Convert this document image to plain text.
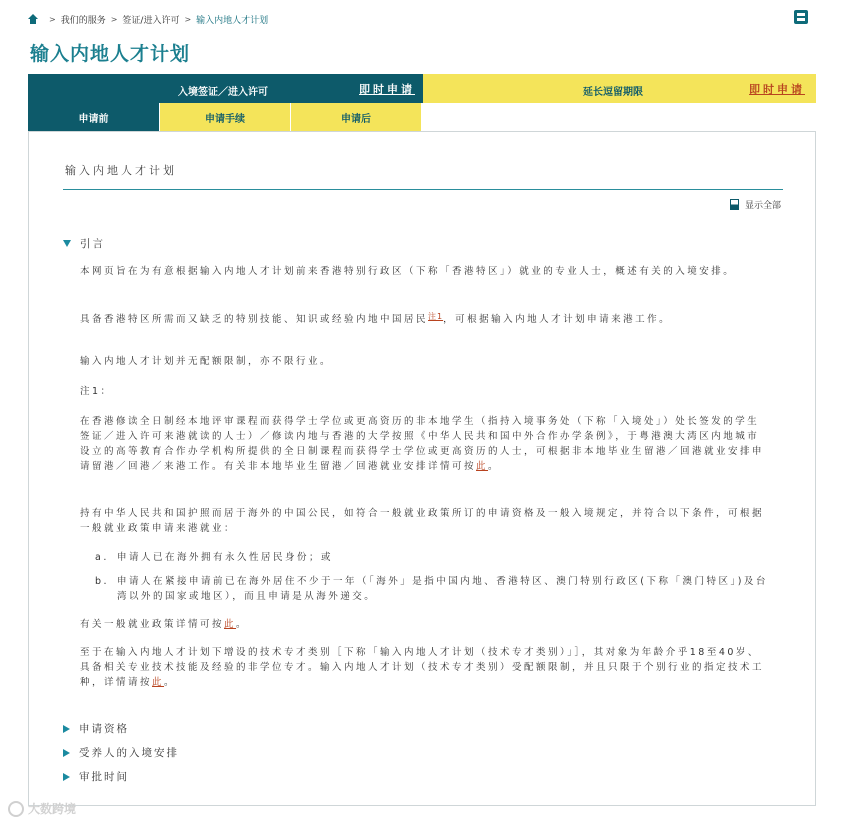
> 我们的服务 > 签证/进入许可 > 输入内地人才计划
输入内地人才计划
入境签证／进入许可	即时申请	延长逗留期限	即时申请
申请前	申请手续	申请后
输入内地人才计划
显示全部
引言

本网页旨在为有意根据输入内地人才计划前来香港特别行政区（下称「香港特区」）就业的专业人士，概述有关的入境安排。

具备香港特区所需而又缺乏的特别技能、知识或经验内地中国居民$^{注1}$，可根据输入内地人才计划申请来港工作。

输入内地人才计划并无配额限制，亦不限行业。

注1：

在香港修读全日制经本地评审课程而获得学士学位或更高资历的非本地学生（指持入境事务处（下称「入境处」）处长签发的学生签证／进入许可来港就读的人士）／修读内地与香港的大学按照《中华人民共和国中外合作办学条例》，于粤港澳大湾区内地城市设立的高等教育合作办学机构所提供的全日制课程而获得学士学位或更高资历的人士，可根据非本地毕业生留港／回港就业安排申请留港／回港／来港工作。有关非本地毕业生留港／回港就业安排详情可按此。

持有中华人民共和国护照而居于海外的中国公民，如符合一般就业政策所订的申请资格及一般入境规定，并符合以下条件，可根据一般就业政策申请来港就业：

a. 申请人已在海外拥有永久性居民身份；或
b. 申请人在紧接申请前已在海外居住不少于一年（「海外」是指中国内地、香港特区、澳门特别行政区(下称「澳门特区」)及台湾以外的国家或地区），而且申请是从海外递交。

有关一般就业政策详情可按此。

至于在输入内地人才计划下增设的技术专才类别［下称「输入内地人才计划（技术专才类别）」］，其对象为年龄介乎18至40岁、具备相关专业技术技能及经验的非学位专才。输入内地人才计划（技术专才类别）受配额限制，并且只限于个别行业的指定技术工种，详情请按此。

申请资格
受养人的入境安排
审批时间
大数跨境
